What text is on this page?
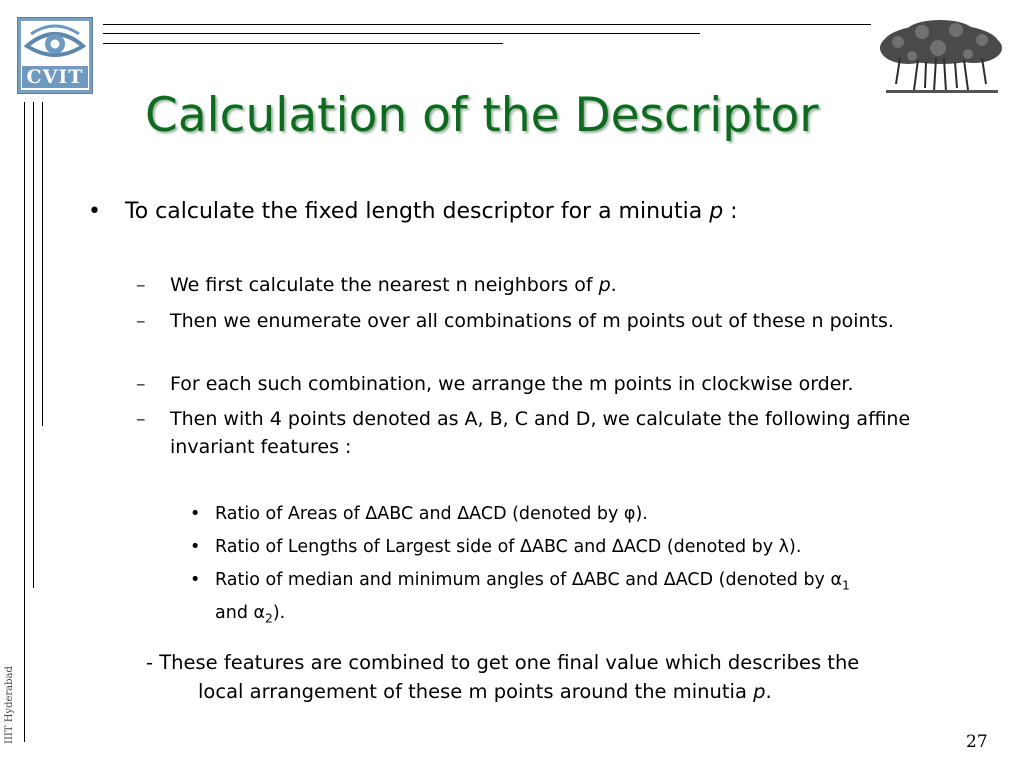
CVIT
Calculation of the Descriptor
• To calculate the fixed length descriptor for a minutia p :
– We first calculate the nearest n neighbors of p.
– Then we enumerate over all combinations of m points out of these n points.
– For each such combination, we arrange the m points in clockwise order.
– Then with 4 points denoted as A, B, C and D, we calculate the following affine invariant features :
• Ratio of Areas of ΔABC and ΔACD (denoted by φ).
• Ratio of Lengths of Largest side of ΔABC and ΔACD (denoted by λ).
• Ratio of median and minimum angles of ΔABC and ΔACD (denoted by $\alpha_1$
and $\alpha_2$).
- These features are combined to get one final value which describes the
local arrangement of these m points around the minutia p.
IIIT Hyderabad	27
